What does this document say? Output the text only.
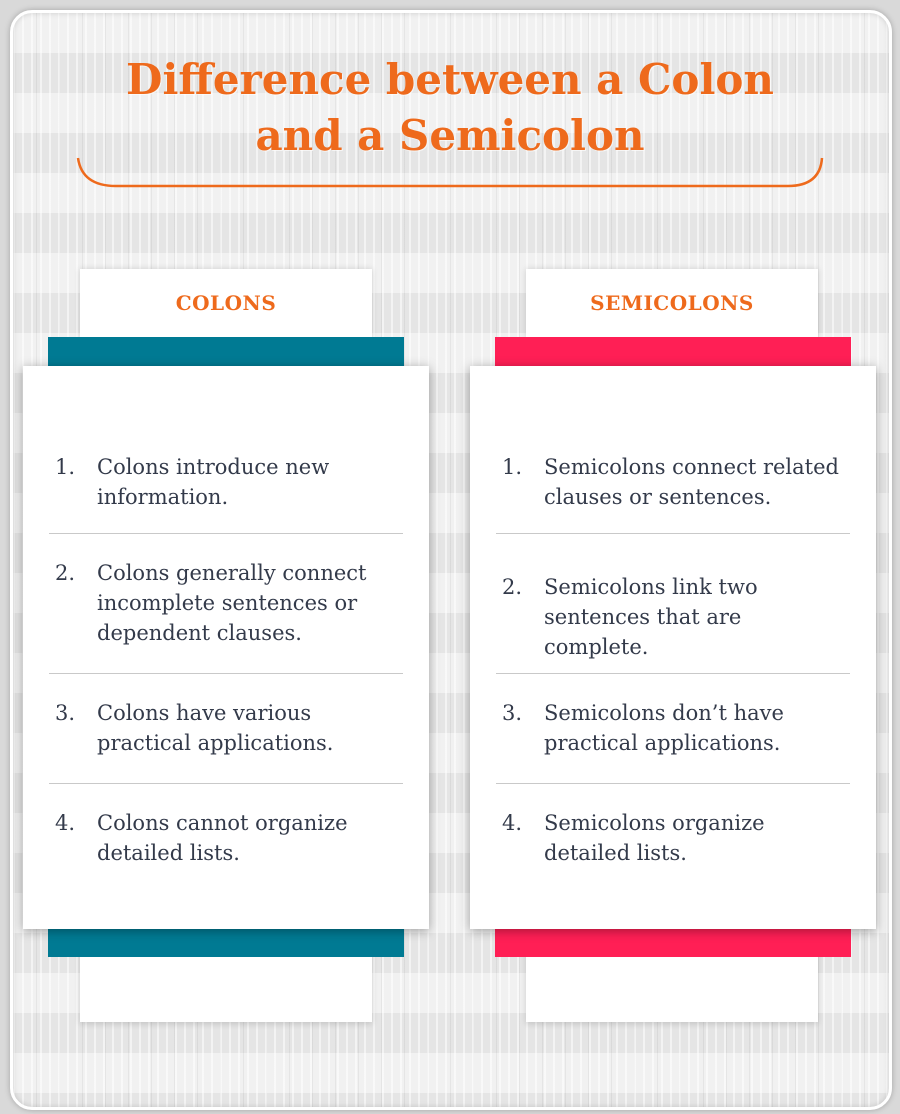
Difference between a Colon
and a Semicolon
COLONS
1.	Colons introduce new information.
2.	Colons generally connect incomplete sentences or dependent clauses.
3.	Colons have various practical applications.
4.	Colons cannot organize detailed lists.
SEMICOLONS
1.	Semicolons connect related clauses or sentences.
2.	Semicolons link two sentences that are complete.
3.	Semicolons don’t have practical applications.
4.	Semicolons organize detailed lists.
